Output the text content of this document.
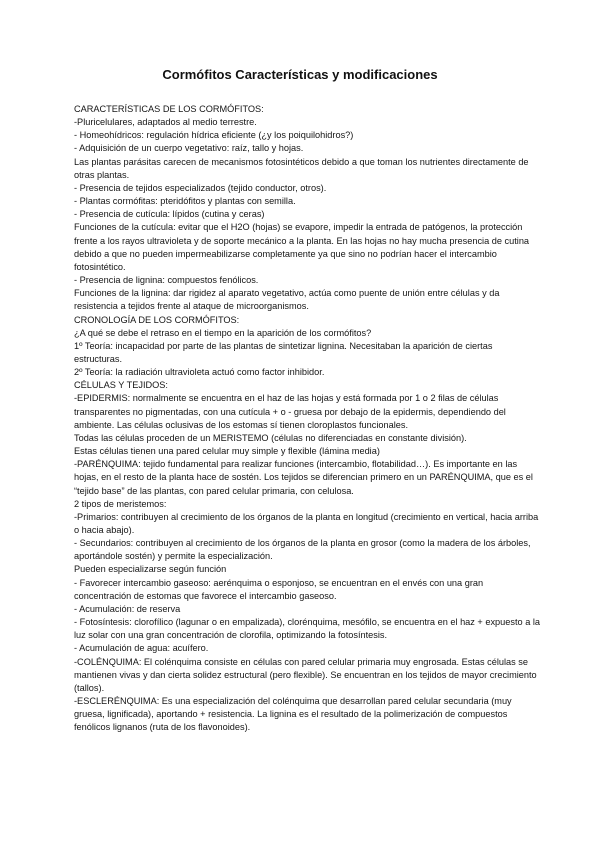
Cormófitos Características y modificaciones

CARACTERÍSTICAS DE LOS CORMÓFITOS:

-Pluricelulares, adaptados al medio terrestre.

- Homeohídricos: regulación hídrica eficiente (¿y los poiquilohidros?)

- Adquisición de un cuerpo vegetativo: raíz, tallo y hojas.

Las plantas parásitas carecen de mecanismos fotosintéticos debido a que toman los nutrientes directamente de otras plantas.

- Presencia de tejidos especializados (tejido conductor, otros).

- Plantas cormófitas: pteridófitos y plantas con semilla.

- Presencia de cutícula: lípidos (cutina y ceras)

Funciones de la cutícula: evitar que el H2O (hojas) se evapore, impedir la entrada de patógenos, la protección frente a los rayos ultravioleta y de soporte mecánico a la planta. En las hojas no hay mucha presencia de cutina debido a que no pueden impermeabilizarse completamente ya que sino no podrían hacer el intercambio fotosintético.

- Presencia de lignina: compuestos fenólicos.

Funciones de la lignina: dar rigidez al aparato vegetativo, actúa como puente de unión entre células y da resistencia a tejidos frente al ataque de microorganismos.

CRONOLOGÍA DE LOS CORMÓFITOS:

¿A qué se debe el retraso en el tiempo en la aparición de los cormófitos?

1º Teoría: incapacidad por parte de las plantas de sintetizar lignina. Necesitaban la aparición de ciertas estructuras.

2º Teoría: la radiación ultravioleta actuó como factor inhibidor.

CÉLULAS Y TEJIDOS:

-EPIDERMIS: normalmente se encuentra en el haz de las hojas y está formada por 1 o 2 filas de células transparentes no pigmentadas, con una cutícula + o - gruesa por debajo de la epidermis, dependiendo del ambiente. Las células oclusivas de los estomas sí tienen cloroplastos funcionales.

Todas las células proceden de un MERISTEMO (células no diferenciadas en constante división).

Estas células tienen una pared celular muy simple y flexible (lámina media)

-PARÉNQUIMA: tejido fundamental para realizar funciones (intercambio, flotabilidad…). Es importante en las hojas, en el resto de la planta hace de sostén. Los tejidos se diferencian primero en un PARÉNQUIMA, que es el “tejido base” de las plantas, con pared celular primaria, con celulosa.

2 tipos de meristemos:

-Primarios: contribuyen al crecimiento de los órganos de la planta en longitud (crecimiento en vertical, hacia arriba o hacia abajo).

- Secundarios: contribuyen al crecimiento de los órganos de la planta en grosor (como la madera de los árboles, aportándole sostén) y permite la especialización.

Pueden especializarse según función

- Favorecer intercambio gaseoso: aerénquima o esponjoso, se encuentran en el envés con una gran concentración de estomas que favorece el intercambio gaseoso.

- Acumulación: de reserva

- Fotosíntesis: clorofílico (lagunar o en empalizada), clorénquima, mesófilo, se encuentra en el haz + expuesto a la luz solar con una gran concentración de clorofila, optimizando la fotosíntesis.

- Acumulación de agua: acuífero.

-COLÉNQUIMA: El colénquima consiste en células con pared celular primaria muy engrosada. Estas células se mantienen vivas y dan cierta solidez estructural (pero flexible). Se encuentran en los tejidos de mayor crecimiento (tallos).

-ESCLERÉNQUIMA: Es una especialización del colénquima que desarrollan pared celular secundaria (muy gruesa, lignificada), aportando + resistencia. La lignina es el resultado de la polimerización de compuestos fenólicos lignanos (ruta de los flavonoides).
